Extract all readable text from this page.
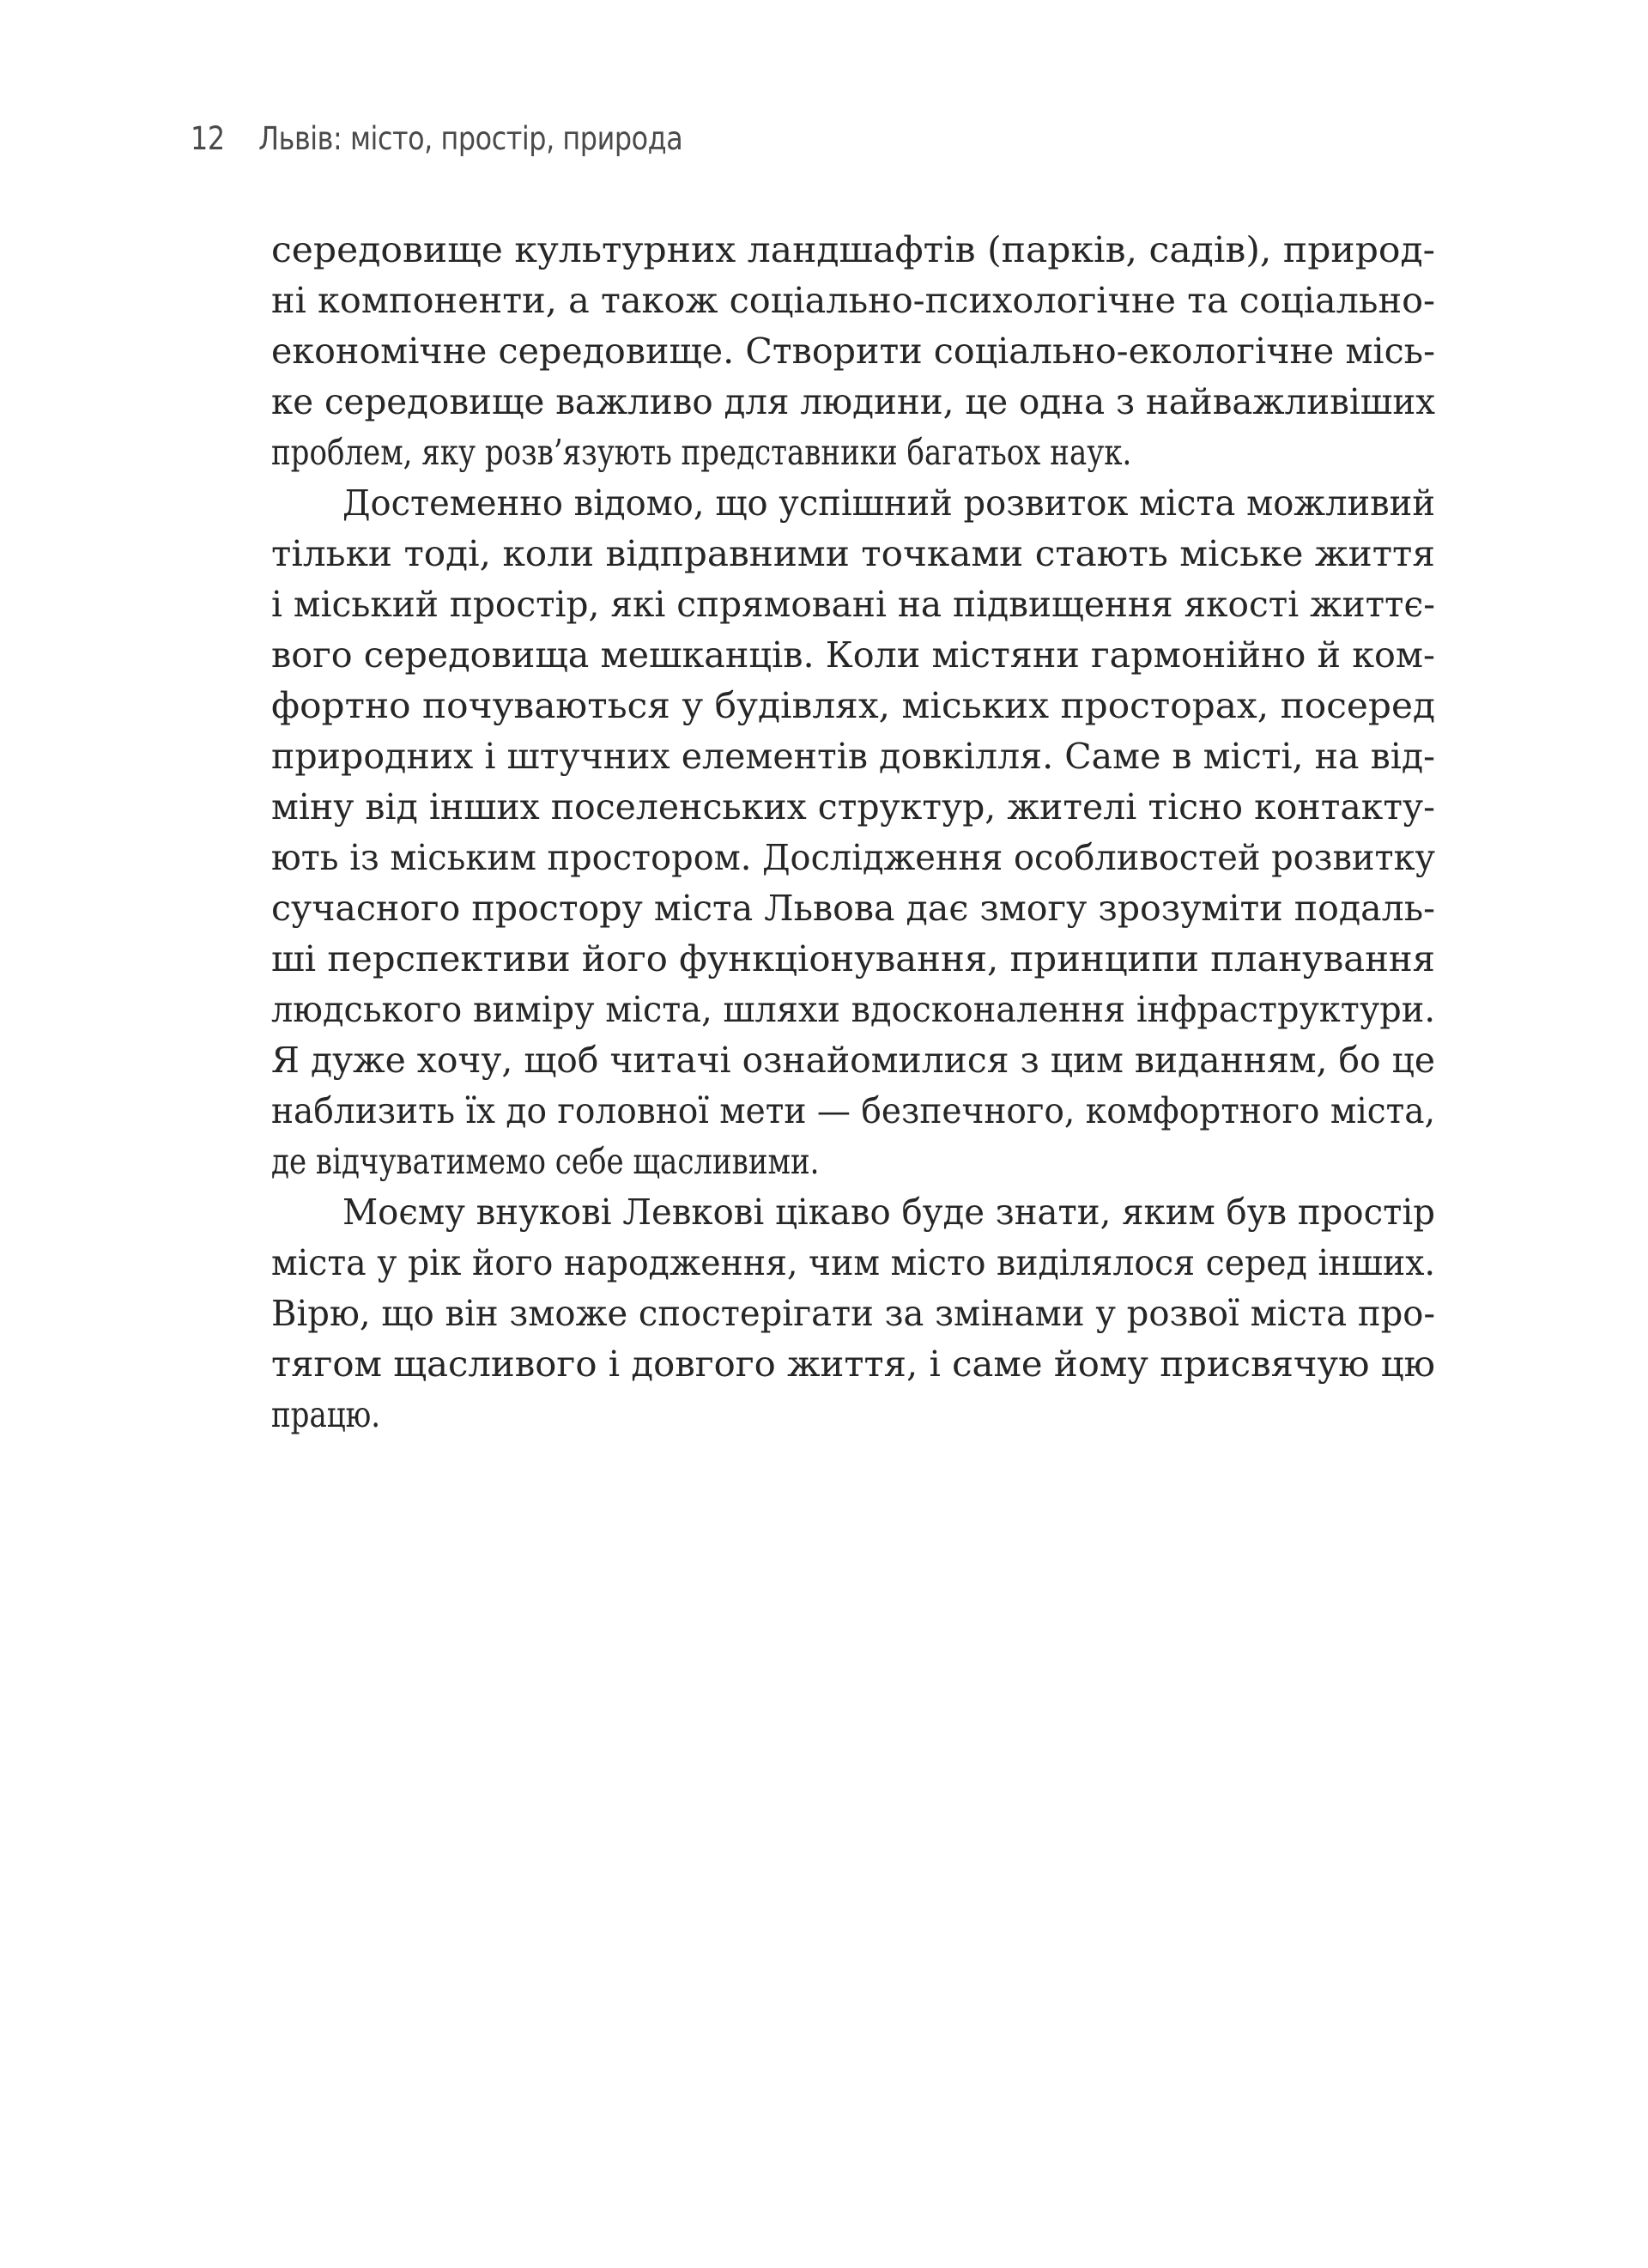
12 Львів: місто, простір, природа
середовище культурних ландшафтів (парків, садів), природ-
ні компоненти, а також соціально-психологічне та соціально-
економічне середовище. Створити соціально-екологічне місь-
ке середовище важливо для людини, це одна з найважливіших
проблем, яку розв’язують представники багатьох наук.
Достеменно відомо, що успішний розвиток міста можливий
тільки тоді, коли відправними точками стають міське життя
і міський простір, які спрямовані на підвищення якості життє-
вого середовища мешканців. Коли містяни гармонійно й ком-
фортно почуваються у будівлях, міських просторах, посеред
природних і штучних елементів довкілля. Саме в місті, на від-
міну від інших поселенських структур, жителі тісно контакту-
ють із міським простором. Дослідження особливостей розвитку
сучасного простору міста Львова дає змогу зрозуміти подаль-
ші перспективи його функціонування, принципи планування
людського виміру міста, шляхи вдосконалення інфраструктури.
Я дуже хочу, щоб читачі ознайомилися з цим виданням, бо це
наблизить їх до головної мети — безпечного, комфортного міста,
де відчуватимемо себе щасливими.
Моєму внукові Левкові цікаво буде знати, яким був простір
міста у рік його народження, чим місто виділялося серед інших.
Вірю, що він зможе спостерігати за змінами у розвої міста про-
тягом щасливого і довгого життя, і саме йому присвячую цю
працю.
